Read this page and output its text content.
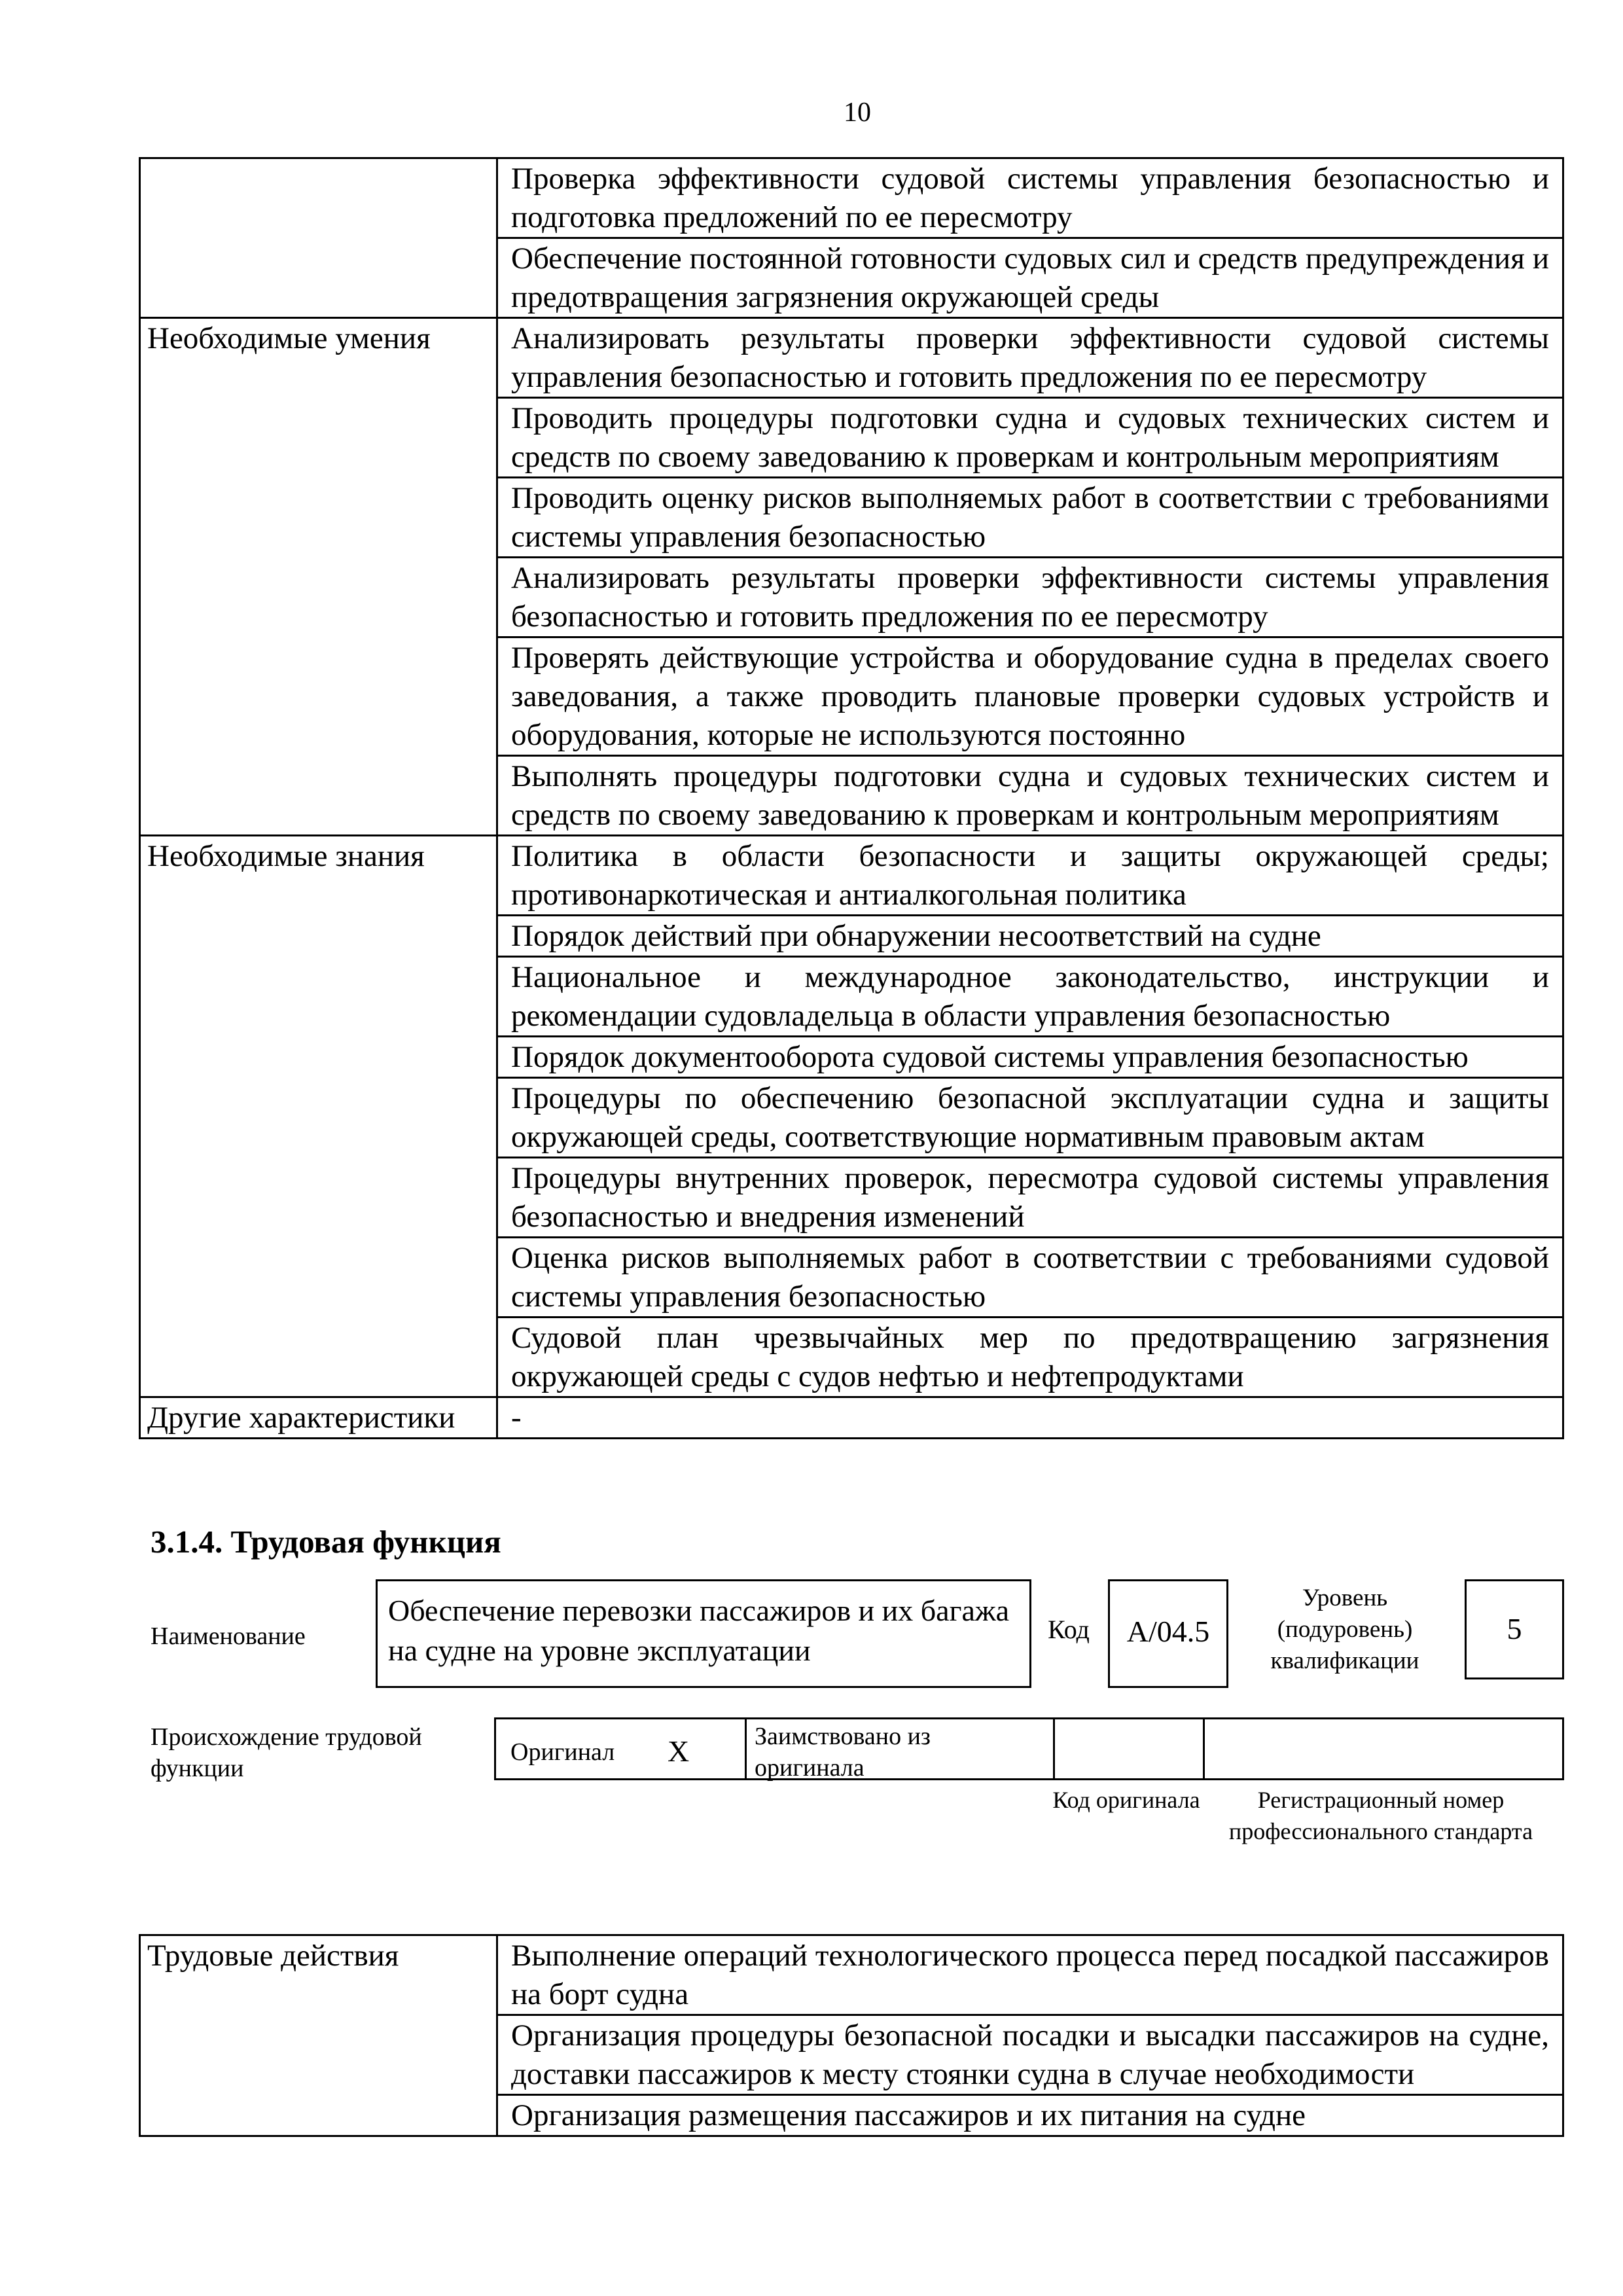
10
	Проверка эффективности судовой системы управления безопасностью и подготовка предложений по ее пересмотру
	Обеспечение постоянной готовности судовых сил и средств предупреждения и предотвращения загрязнения окружающей среды
Необходимые умения	Анализировать результаты проверки эффективности судовой системы управления безопасностью и готовить предложения по ее пересмотру
	Проводить процедуры подготовки судна и судовых технических систем и средств по своему заведованию к проверкам и контрольным мероприятиям
	Проводить оценку рисков выполняемых работ в соответствии с требованиями системы управления безопасностью
	Анализировать результаты проверки эффективности системы управления безопасностью и готовить предложения по ее пересмотру
	Проверять действующие устройства и оборудование судна в пределах своего заведования, а также проводить плановые проверки судовых устройств и оборудования, которые не используются постоянно
	Выполнять процедуры подготовки судна и судовых технических систем и средств по своему заведованию к проверкам и контрольным мероприятиям
Необходимые знания	Политика в области безопасности и защиты окружающей среды; противонаркотическая и антиалкогольная политика
	Порядок действий при обнаружении несоответствий на судне
	Национальное и международное законодательство, инструкции и рекомендации судовладельца в области управления безопасностью
	Порядок документооборота судовой системы управления безопасностью
	Процедуры по обеспечению безопасной эксплуатации судна и защиты окружающей среды, соответствующие нормативным правовым актам
	Процедуры внутренних проверок, пересмотра судовой системы управления безопасностью и внедрения изменений
	Оценка рисков выполняемых работ в соответствии с требованиями судовой системы управления безопасностью
	Судовой план чрезвычайных мер по предотвращению загрязнения окружающей среды с судов нефтью и нефтепродуктами
Другие характеристики	-
3.1.4. Трудовая функция
Наименование
Обеспечение перевозки пассажиров и их багажа на судне на уровне эксплуатации
Код	А/04.5
Уровень (подуровень) квалификации
5
Происхождение трудовой функции
Оригинал Х	Заимствовано из оригинала
Код оригинала	Регистрационный номер профессионального стандарта
Трудовые действия	Выполнение операций технологического процесса перед посадкой пассажиров на борт судна
Организация процедуры безопасной посадки и высадки пассажиров на судне, доставки пассажиров к месту стоянки судна в случае необходимости
Организация размещения пассажиров и их питания на судне
